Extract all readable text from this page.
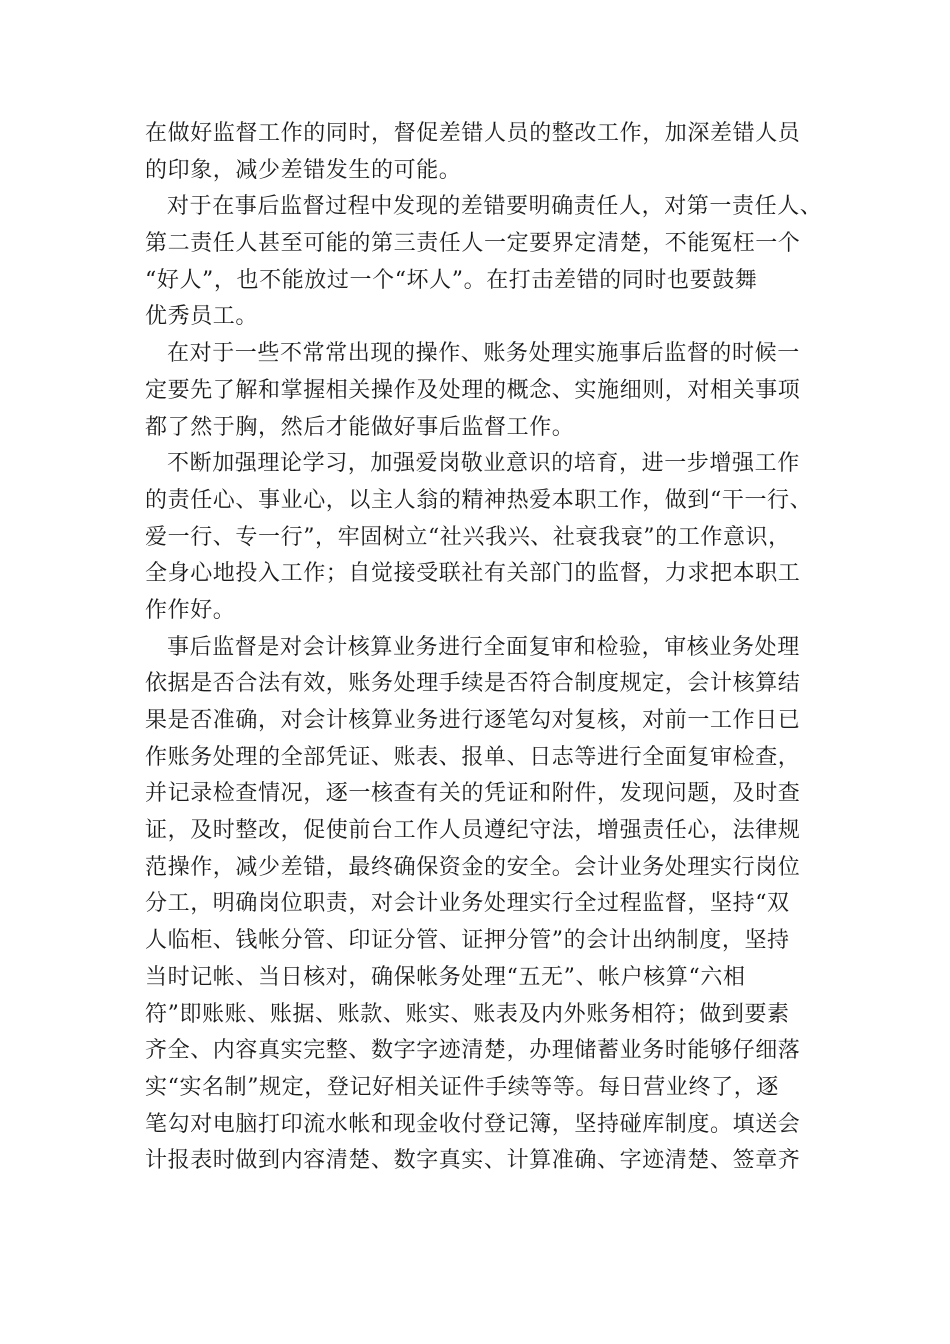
在做好监督工作的同时，督促差错人员的整改工作，加深差错人员
的印象，减少差错发生的可能。
对于在事后监督过程中发现的差错要明确责任人，对第一责任人、
第二责任人甚至可能的第三责任人一定要界定清楚，不能冤枉一个
“好人”，也不能放过一个“坏人”。在打击差错的同时也要鼓舞
优秀员工。
在对于一些不常常出现的操作、账务处理实施事后监督的时候一
定要先了解和掌握相关操作及处理的概念、实施细则，对相关事项
都了然于胸，然后才能做好事后监督工作。
不断加强理论学习，加强爱岗敬业意识的培育，进一步增强工作
的责任心、事业心，以主人翁的精神热爱本职工作，做到“干一行、
爱一行、专一行”，牢固树立“社兴我兴、社衰我衰”的工作意识，
全身心地投入工作；自觉接受联社有关部门的监督，力求把本职工
作作好。
事后监督是对会计核算业务进行全面复审和检验，审核业务处理
依据是否合法有效，账务处理手续是否符合制度规定，会计核算结
果是否准确，对会计核算业务进行逐笔勾对复核，对前一工作日已
作账务处理的全部凭证、账表、报单、日志等进行全面复审检查，
并记录检查情况，逐一核查有关的凭证和附件，发现问题，及时查
证，及时整改，促使前台工作人员遵纪守法，增强责任心，法律规
范操作，减少差错，最终确保资金的安全。会计业务处理实行岗位
分工，明确岗位职责，对会计业务处理实行全过程监督，坚持“双
人临柜、钱帐分管、印证分管、证押分管”的会计出纳制度，坚持
当时记帐、当日核对，确保帐务处理“五无”、帐户核算“六相
符”即账账、账据、账款、账实、账表及内外账务相符；做到要素
齐全、内容真实完整、数字字迹清楚，办理储蓄业务时能够仔细落
实“实名制”规定，登记好相关证件手续等等。每日营业终了，逐
笔勾对电脑打印流水帐和现金收付登记簿，坚持碰库制度。填送会
计报表时做到内容清楚、数字真实、计算准确、字迹清楚、签章齐
